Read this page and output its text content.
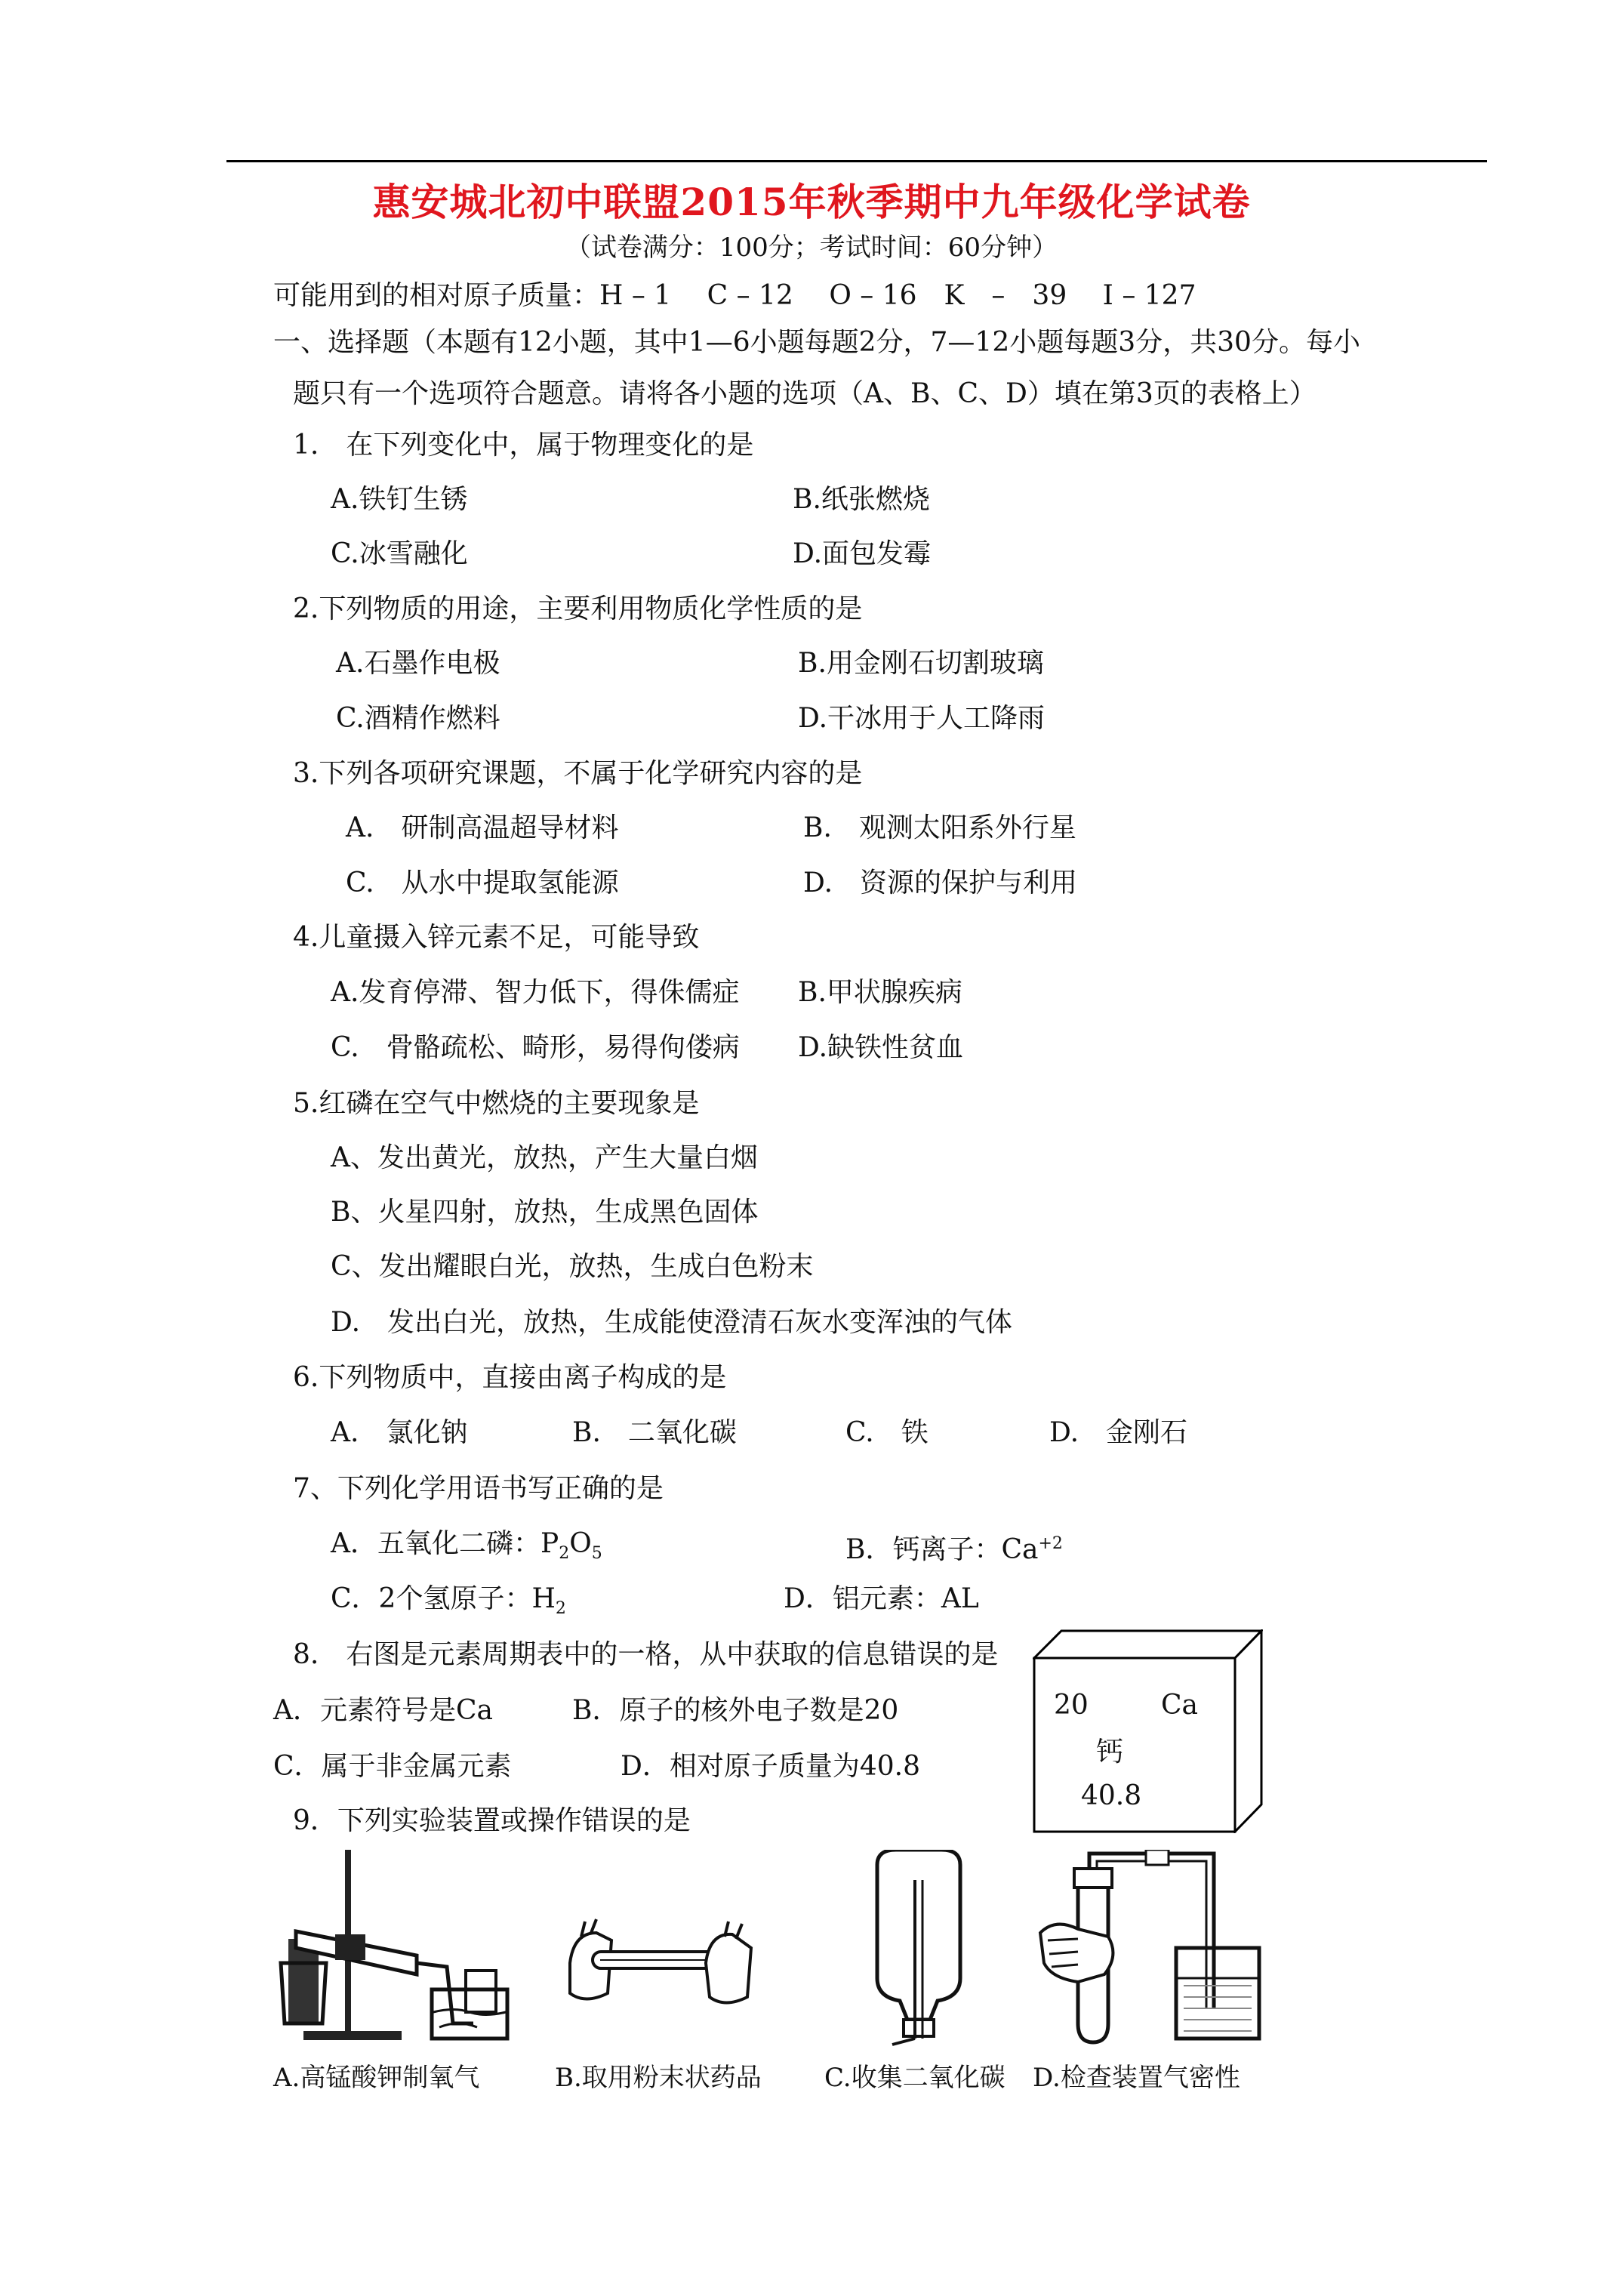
惠安城北初中联盟2015年秋季期中九年级化学试卷
（试卷满分：100分；考试时间：60分钟）
可能用到的相对原子质量：H – 1　 C – 12　 O – 16　K　–　39　 I – 127
一、选择题（本题有12小题，其中1—6小题每题2分，7—12小题每题3分，共30分。每小
题只有一个选项符合题意。请将各小题的选项（A、B、C、D）填在第3页的表格上）
1.　在下列变化中，属于物理变化的是
A.铁钉生锈	B.纸张燃烧
C.冰雪融化	D.面包发霉
2.下列物质的用途，主要利用物质化学性质的是
A.石墨作电极	B.用金刚石切割玻璃
C.酒精作燃料	D.干冰用于人工降雨
3.下列各项研究课题，不属于化学研究内容的是
A.　研制高温超导材料	B.　观测太阳系外行星
C.　从水中提取氢能源	D.　资源的保护与利用
4.儿童摄入锌元素不足，可能导致
A.发育停滞、智力低下，得侏儒症 B.甲状腺疾病
C.　骨骼疏松、畸形，易得佝偻病 D.缺铁性贫血
5.红磷在空气中燃烧的主要现象是
A、发出黄光，放热，产生大量白烟
B、火星四射，放热，生成黑色固体
C、发出耀眼白光，放热，生成白色粉末
D.　发出白光，放热，生成能使澄清石灰水变浑浊的气体
6.下列物质中，直接由离子构成的是
A.　氯化钠	B.　二氧化碳	C.　铁	D.　金刚石
7、下列化学用语书写正确的是
A．五氧化二磷：$P_2O_5$	B．钙离子：$Ca^{+2}$
C．2个氢原子：$H_2$	D．铝元素：AL
8.　右图是元素周期表中的一格，从中获取的信息错误的是
A．元素符号是Ca	B．原子的核外电子数是20
C．属于非金属元素	D．相对原子质量为40.8
20	Ca
钙
40.8
9．下列实验装置或操作错误的是
A.高锰酸钾制氧气	B.取用粉末状药品 C.收集二氧化碳 D.检查装置气密性
